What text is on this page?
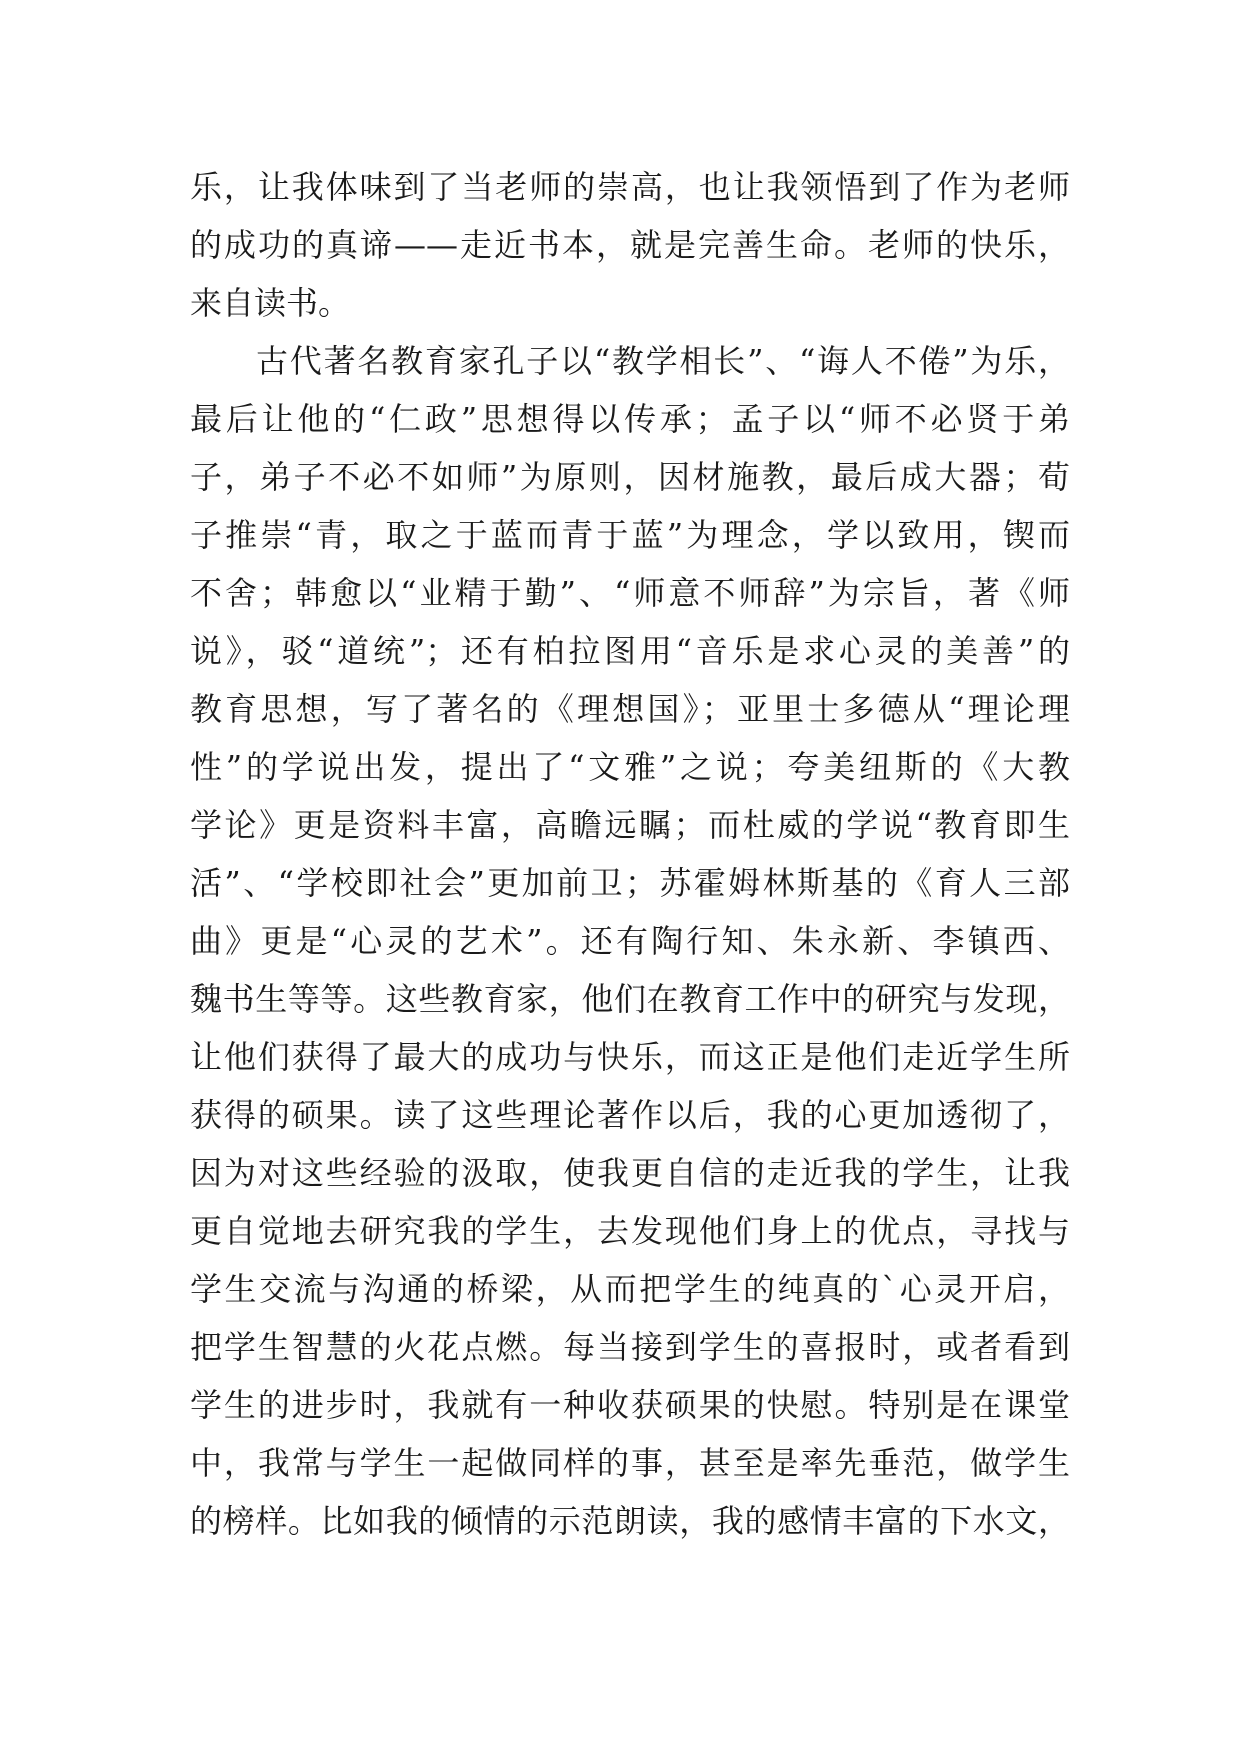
乐，让我体味到了当老师的崇高，也让我领悟到了作为老师
的成功的真谛——走近书本，就是完善生命。老师的快乐，
来自读书。
古代著名教育家孔子以“教学相长”、“诲人不倦”为乐，
最后让他的“仁政”思想得以传承；孟子以“师不必贤于弟
子，弟子不必不如师”为原则，因材施教，最后成大器；荀
子推崇“青，取之于蓝而青于蓝”为理念，学以致用，锲而
不舍；韩愈以“业精于勤”、“师意不师辞”为宗旨，著《师
说》，驳“道统”；还有柏拉图用“音乐是求心灵的美善”的
教育思想，写了著名的《理想国》；亚里士多德从“理论理
性”的学说出发，提出了“文雅”之说；夸美纽斯的《大教
学论》更是资料丰富，高瞻远瞩；而杜威的学说“教育即生
活”、“学校即社会”更加前卫；苏霍姆林斯基的《育人三部
曲》更是“心灵的艺术”。还有陶行知、朱永新、李镇西、
魏书生等等。这些教育家，他们在教育工作中的研究与发现，
让他们获得了最大的成功与快乐，而这正是他们走近学生所
获得的硕果。读了这些理论著作以后，我的心更加透彻了，
因为对这些经验的汲取，使我更自信的走近我的学生，让我
更自觉地去研究我的学生，去发现他们身上的优点，寻找与
学生交流与沟通的桥梁，从而把学生的纯真的`心灵开启，
把学生智慧的火花点燃。每当接到学生的喜报时，或者看到
学生的进步时，我就有一种收获硕果的快慰。特别是在课堂
中，我常与学生一起做同样的事，甚至是率先垂范，做学生
的榜样。比如我的倾情的示范朗读，我的感情丰富的下水文，
